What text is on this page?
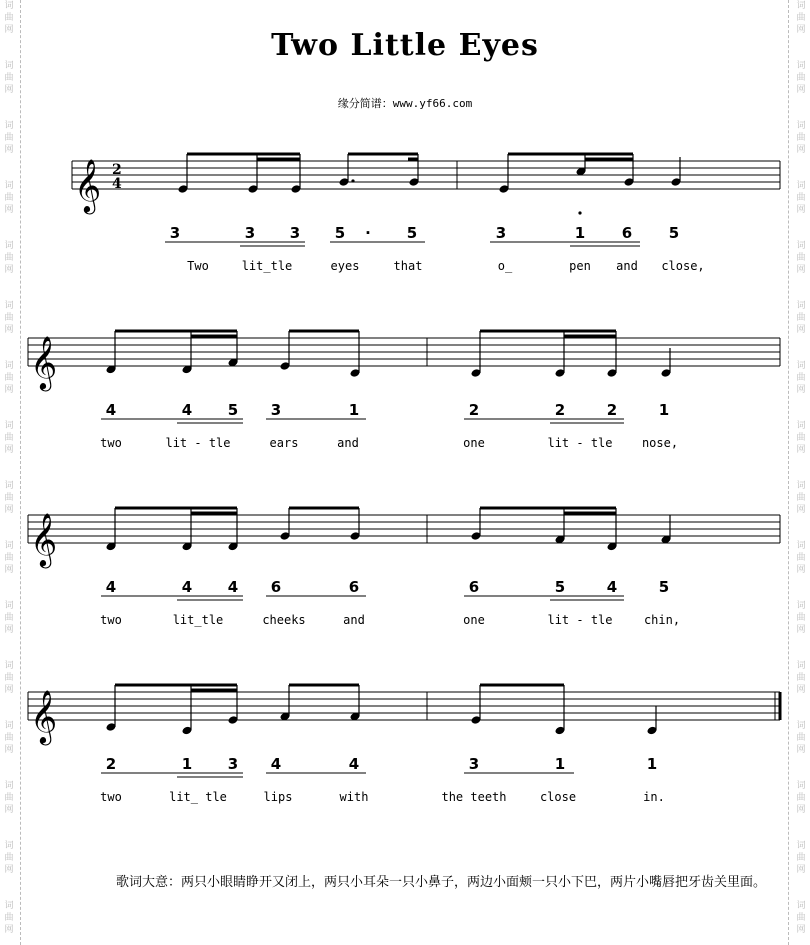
词
曲
网
词
曲
网
词
曲
网
词
曲
网
词
曲
网
词
曲
网
词
曲
网
词
曲
网
词
曲
网
词
曲
网
词
曲
网
词
曲
网
词
曲
网
词
曲
网
词
曲
网
词
曲
网
词
曲
网
词
曲
网
词
曲
网
词
曲
网
词
曲
网
词
曲
网
词
曲
网
词
曲
网
词
曲
网
词
曲
网
词
曲
网
词
曲
网
词
曲
网
词
曲
网
词
曲
网
词
曲
网
Two Little Eyes
缘分简谱：www.yf66.com
𝄞 2
4
3	3 3 5 · 5	3	1 6 5
Two	lit_tle	eyes	that	o_	pen and close,
𝄞
4	4 5 3	1	2	2	2	1
two	lit - tle	ears	and	one	lit - tle nose,
𝄞
4	4 4 6	6	6	5	4	5
two	lit_tle	cheeks	and	one	lit - tle	chin,
𝄞
2	1 3 4	4	3	1	1
two	lit_ tle	lips	with	the teeth	close	in.
歌词大意：两只小眼睛睁开又闭上，两只小耳朵一只小鼻子，两边小面颊一只小下巴，两片小嘴唇把牙齿关里面。
